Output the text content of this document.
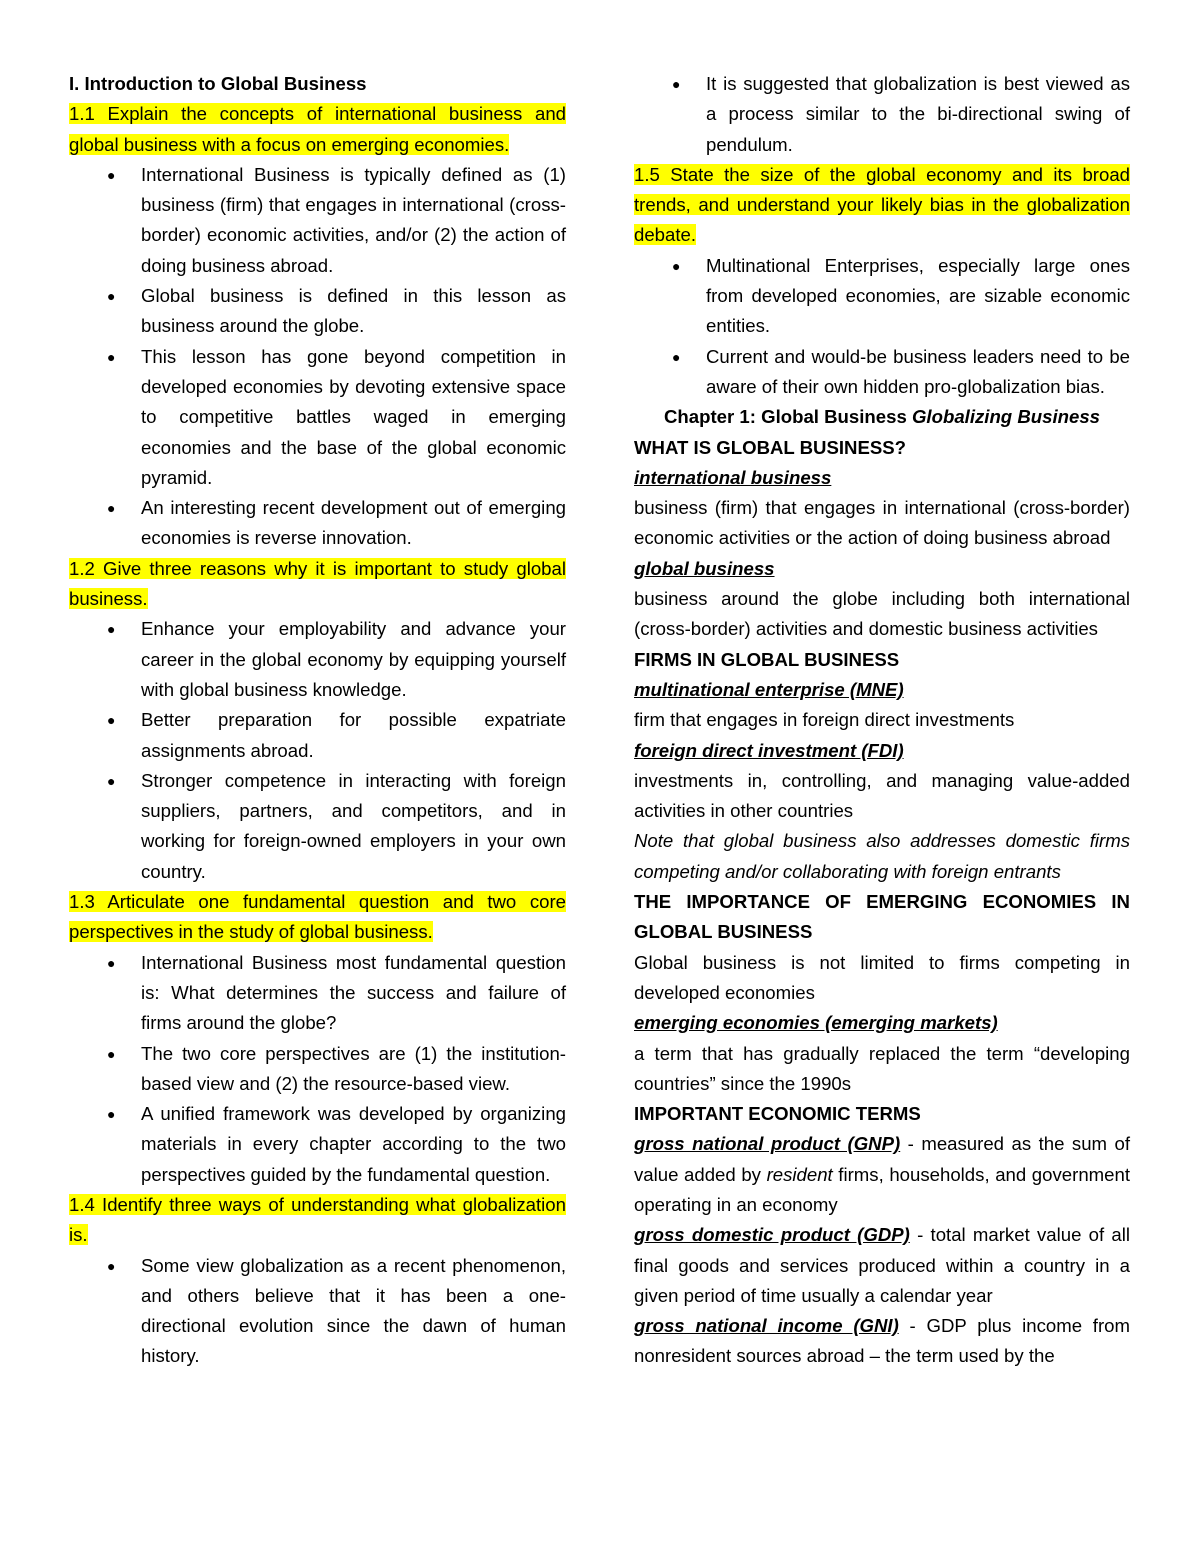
I. Introduction to Global Business

1.1 Explain the concepts of international business and global business with a focus on emerging economies.

● International Business is typically defined as (1) business (firm) that engages in international (cross-border) economic activities, and/or (2) the action of doing business abroad.
● Global business is defined in this lesson as business around the globe.
● This lesson has gone beyond competition in developed economies by devoting extensive space to competitive battles waged in emerging economies and the base of the global economic pyramid.
● An interesting recent development out of emerging economies is reverse innovation.

1.2 Give three reasons why it is important to study global business.

● Enhance your employability and advance your career in the global economy by equipping yourself with global business knowledge.
● Better preparation for possible expatriate assignments abroad.
● Stronger competence in interacting with foreign suppliers, partners, and competitors, and in working for foreign-owned employers in your own country.

1.3 Articulate one fundamental question and two core perspectives in the study of global business.

● International Business most fundamental question is: What determines the success and failure of firms around the globe?
● The two core perspectives are (1) the institution-based view and (2) the resource-based view.
● A unified framework was developed by organizing materials in every chapter according to the two perspectives guided by the fundamental question.

1.4 Identify three ways of understanding what globalization is.

● Some view globalization as a recent phenomenon, and others believe that it has been a one-directional evolution since the dawn of human history.
● It is suggested that globalization is best viewed as a process similar to the bi-directional swing of pendulum.

1.5 State the size of the global economy and its broad trends, and understand your likely bias in the globalization debate.

● Multinational Enterprises, especially large ones from developed economies, are sizable economic entities.
● Current and would-be business leaders need to be aware of their own hidden pro-globalization bias.

Chapter 1: Global Business Globalizing Business

WHAT IS GLOBAL BUSINESS?

international business

business (firm) that engages in international (cross-border) economic activities or the action of doing business abroad

global business

business around the globe including both international (cross-border) activities and domestic business activities

FIRMS IN GLOBAL BUSINESS

multinational enterprise (MNE)

firm that engages in foreign direct investments

foreign direct investment (FDI)

investments in, controlling, and managing value-added activities in other countries

Note that global business also addresses domestic firms competing and/or collaborating with foreign entrants

THE IMPORTANCE OF EMERGING ECONOMIES IN GLOBAL BUSINESS

Global business is not limited to firms competing in developed economies

emerging economies (emerging markets)

a term that has gradually replaced the term “developing countries” since the 1990s

IMPORTANT ECONOMIC TERMS

gross national product (GNP) - measured as the sum of value added by resident firms, households, and government operating in an economy

gross domestic product (GDP) - total market value of all final goods and services produced within a country in a given period of time usually a calendar year

gross national income (GNI) - GDP plus income from nonresident sources abroad – the term used by the
